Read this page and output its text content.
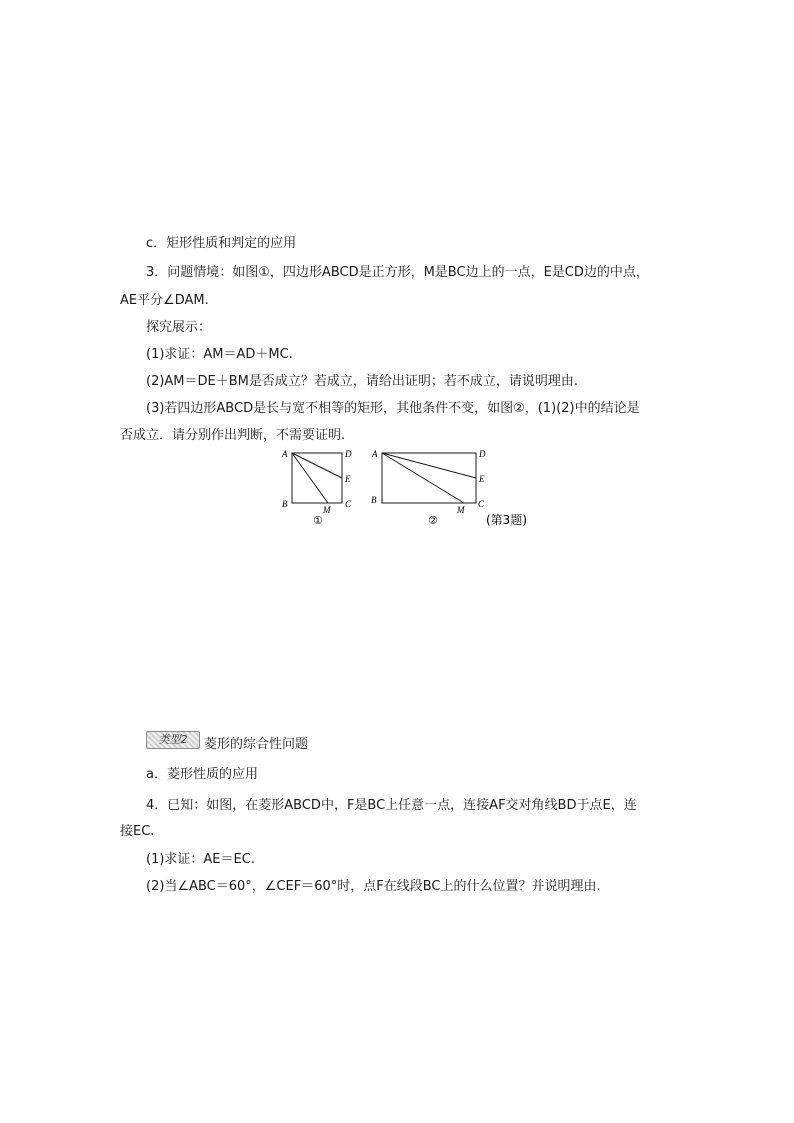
c．矩形性质和判定的应用
3．问题情境：如图①，四边形ABCD是正方形，M是BC边上的一点，E是CD边的中点，
AE平分∠DAM.
探究展示：
(1)求证：AM＝AD＋MC.
(2)AM＝DE＋BM是否成立？若成立，请给出证明；若不成立，请说明理由.
(3)若四边形ABCD是长与宽不相等的矩形，其他条件不变，如图②，(1)(2)中的结论是
否成立．请分别作出判断，不需要证明.
A	D
E
B
M
C
①
A	D
E
B
M
C
②	(第3题)
类型2	菱形的综合性问题
a．菱形性质的应用
4．已知：如图，在菱形ABCD中，F是BC上任意一点，连接AF交对角线BD于点E，连
接EC.
(1)求证：AE＝EC.
(2)当∠ABC＝60°，∠CEF＝60°时，点F在线段BC上的什么位置？并说明理由.
